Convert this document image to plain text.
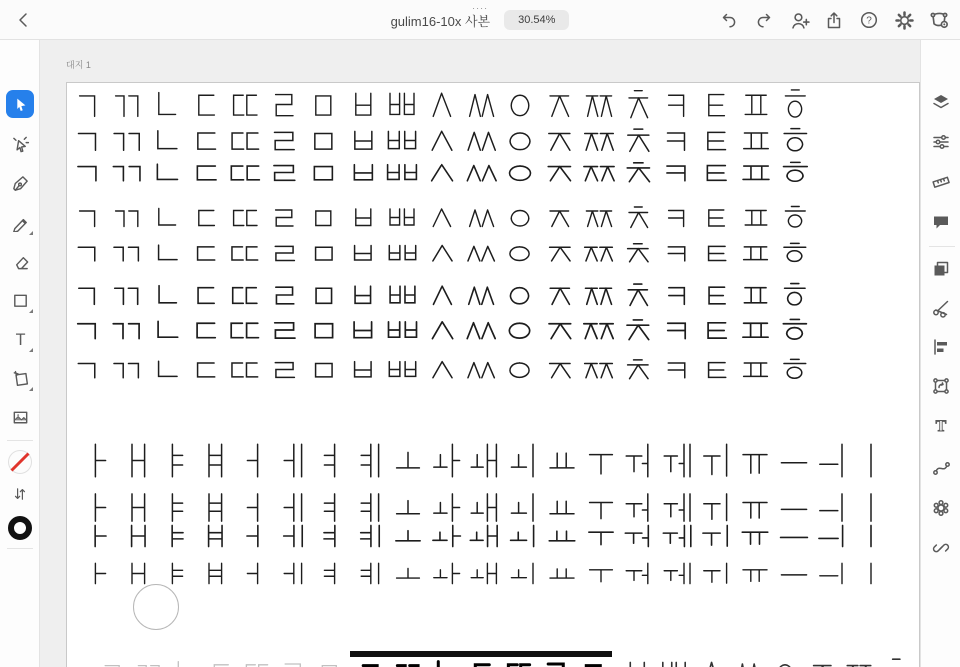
gulim16-10x 사본
····
30.54%	?
T
T
대지 1
